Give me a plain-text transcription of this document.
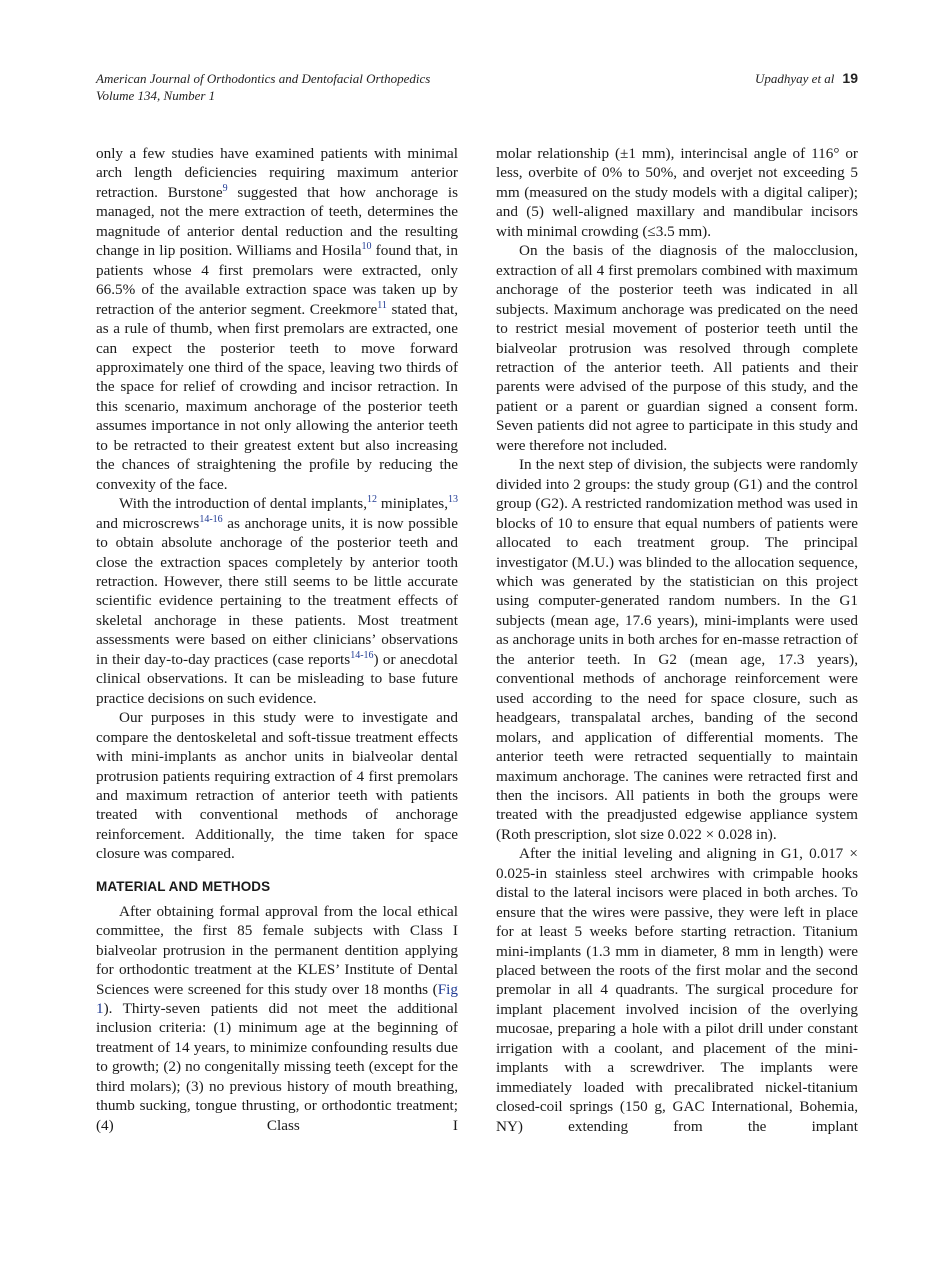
American Journal of Orthodontics and Dentofacial Orthopedics
Volume 134, Number 1
Upadhyay et al 19

only a few studies have examined patients with minimal arch length deficiencies requiring maximum anterior retraction. Burstone$^9$ suggested that how anchorage is managed, not the mere extraction of teeth, determines the magnitude of anterior dental reduction and the resulting change in lip position. Williams and Hosila$^{10}$ found that, in patients whose 4 first premolars were extracted, only 66.5% of the available extraction space was taken up by retraction of the anterior segment. Creekmore$^{11}$ stated that, as a rule of thumb, when first premolars are extracted, one can expect the posterior teeth to move forward approximately one third of the space, leaving two thirds of the space for relief of crowding and incisor retraction. In this scenario, maximum anchorage of the posterior teeth assumes importance in not only allowing the anterior teeth to be retracted to their greatest extent but also increasing the chances of straightening the profile by reducing the convexity of the face.

With the introduction of dental implants,$^{12}$ miniplates,$^{13}$ and microscrews$^{14-16}$ as anchorage units, it is now possible to obtain absolute anchorage of the posterior teeth and close the extraction spaces completely by anterior tooth retraction. However, there still seems to be little accurate scientific evidence pertaining to the treatment effects of skeletal anchorage in these patients. Most treatment assessments were based on either clinicians’ observations in their day-to-day practices (case reports$^{14-16}$) or anecdotal clinical observations. It can be misleading to base future practice decisions on such evidence.

Our purposes in this study were to investigate and compare the dentoskeletal and soft-tissue treatment effects with mini-implants as anchor units in bialveolar dental protrusion patients requiring extraction of 4 first premolars and maximum retraction of anterior teeth with patients treated with conventional methods of anchorage reinforcement. Additionally, the time taken for space closure was compared.

MATERIAL AND METHODS

After obtaining formal approval from the local ethical committee, the first 85 female subjects with Class I bialveolar protrusion in the permanent dentition applying for orthodontic treatment at the KLES’ Institute of Dental Sciences were screened for this study over 18 months (Fig 1). Thirty-seven patients did not meet the additional inclusion criteria: (1) minimum age at the beginning of treatment of 14 years, to minimize confounding results due to growth; (2) no congenitally missing teeth (except for the third molars); (3) no previous history of mouth breathing, thumb sucking, tongue thrusting, or orthodontic treatment; (4) Class I

molar relationship (±1 mm), interincisal angle of 116° or less, overbite of 0% to 50%, and overjet not exceeding 5 mm (measured on the study models with a digital caliper); and (5) well-aligned maxillary and mandibular incisors with minimal crowding (≤3.5 mm).

On the basis of the diagnosis of the malocclusion, extraction of all 4 first premolars combined with maximum anchorage of the posterior teeth was indicated in all subjects. Maximum anchorage was predicated on the need to restrict mesial movement of posterior teeth until the bialveolar protrusion was resolved through complete retraction of the anterior teeth. All patients and their parents were advised of the purpose of this study, and the patient or a parent or guardian signed a consent form. Seven patients did not agree to participate in this study and were therefore not included.

In the next step of division, the subjects were randomly divided into 2 groups: the study group (G1) and the control group (G2). A restricted randomization method was used in blocks of 10 to ensure that equal numbers of patients were allocated to each treatment group. The principal investigator (M.U.) was blinded to the allocation sequence, which was generated by the statistician on this project using computer-generated random numbers. In the G1 subjects (mean age, 17.6 years), mini-implants were used as anchorage units in both arches for en-masse retraction of the anterior teeth. In G2 (mean age, 17.3 years), conventional methods of anchorage reinforcement were used according to the need for space closure, such as headgears, transpalatal arches, banding of the second molars, and application of differential moments. The anterior teeth were retracted sequentially to maintain maximum anchorage. The canines were retracted first and then the incisors. All patients in both the groups were treated with the preadjusted edgewise appliance system (Roth prescription, slot size 0.022 × 0.028 in).

After the initial leveling and aligning in G1, 0.017 × 0.025-in stainless steel archwires with crimpable hooks distal to the lateral incisors were placed in both arches. To ensure that the wires were passive, they were left in place for at least 5 weeks before starting retraction. Titanium mini-implants (1.3 mm in diameter, 8 mm in length) were placed between the roots of the first molar and the second premolar in all 4 quadrants. The surgical procedure for implant placement involved incision of the overlying mucosae, preparing a hole with a pilot drill under constant irrigation with a coolant, and placement of the mini-implants with a screwdriver. The implants were immediately loaded with precalibrated nickel-titanium closed-coil springs (150 g, GAC International, Bohemia, NY) extending from the implant
